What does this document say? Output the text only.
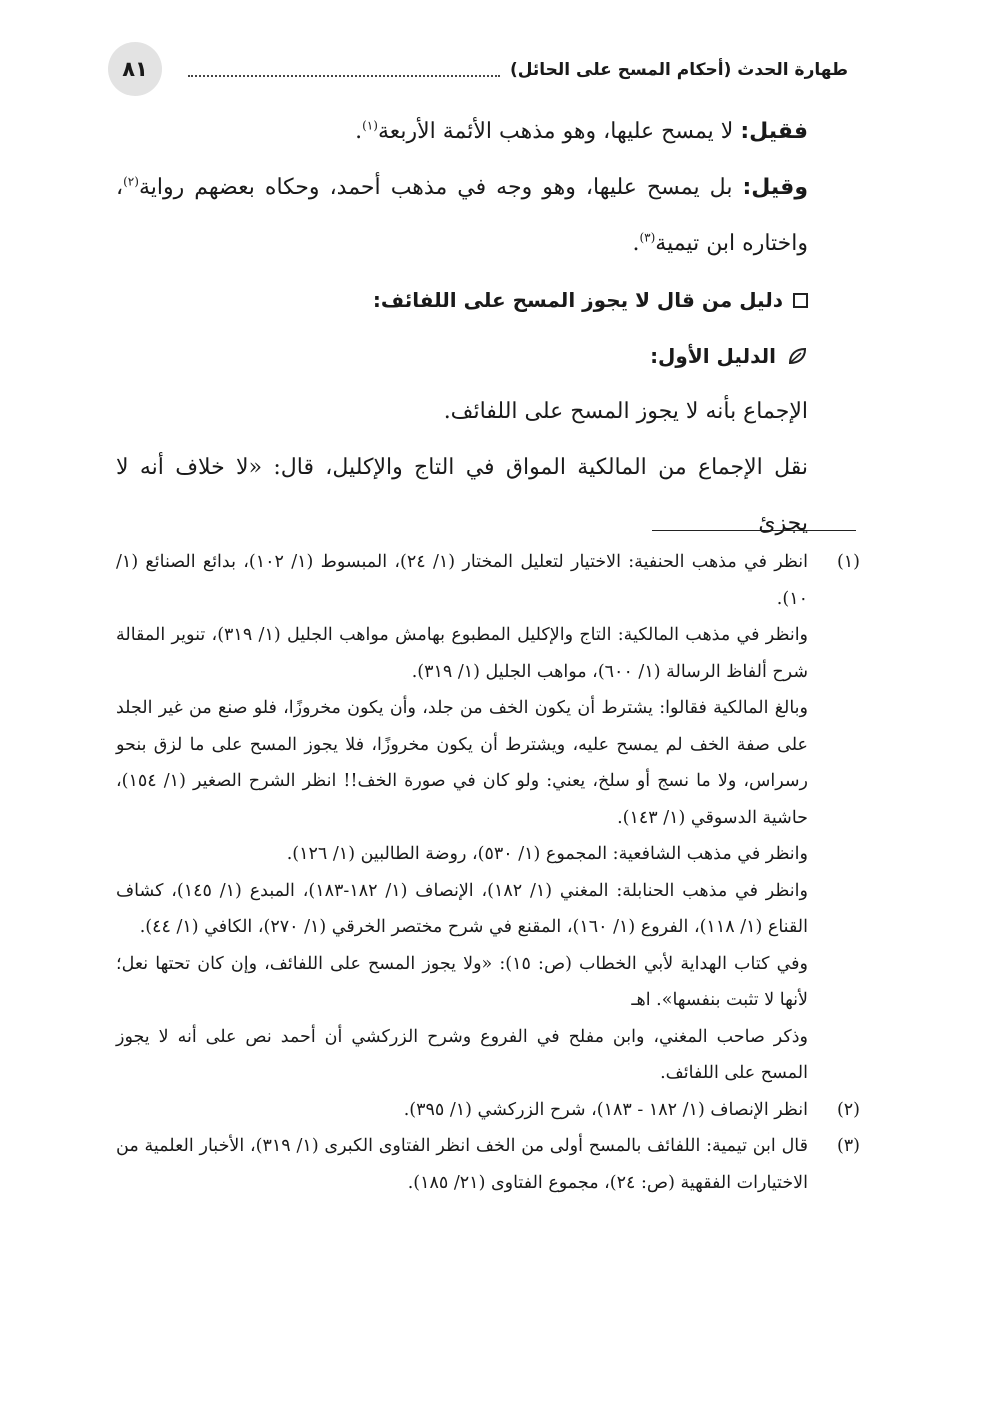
٨١	طهارة الحدث (أحكام المسح على الحائل)

فقيل: لا يمسح عليها، وهو مذهب الأئمة الأربعة$^{(١)}$.

وقيل: بل يمسح عليها، وهو وجه في مذهب أحمد، وحكاه بعضهم رواية$^{(٢)}$، واختاره ابن تيمية$^{(٣)}$.

دليل من قال لا يجوز المسح على اللفائف:
الدليل الأول:

الإجماع بأنه لا يجوز المسح على اللفائف.

نقل الإجماع من المالكية المواق في التاج والإكليل، قال: «لا خلاف أنه لا يجزئ

(١)

انظر في مذهب الحنفية: الاختيار لتعليل المختار (١/ ٢٤)، المبسوط (١/ ١٠٢)، بدائع الصنائع (١/ ١٠).

وانظر في مذهب المالكية: التاج والإكليل المطبوع بهامش مواهب الجليل (١/ ٣١٩)، تنوير المقالة شرح ألفاظ الرسالة (١/ ٦٠٠)، مواهب الجليل (١/ ٣١٩).

وبالغ المالكية فقالوا: يشترط أن يكون الخف من جلد، وأن يكون مخروزًا، فلو صنع من غير الجلد على صفة الخف لم يمسح عليه، ويشترط أن يكون مخروزًا، فلا يجوز المسح على ما لزق بنحو رسراس، ولا ما نسج أو سلخ، يعني: ولو كان في صورة الخف!! انظر الشرح الصغير (١/ ١٥٤)، حاشية الدسوقي (١/ ١٤٣).

وانظر في مذهب الشافعية: المجموع (١/ ٥٣٠)، روضة الطالبين (١/ ١٢٦).

وانظر في مذهب الحنابلة: المغني (١/ ١٨٢)، الإنصاف (١/ ١٨٢-١٨٣)، المبدع (١/ ١٤٥)، كشاف القناع (١/ ١١٨)، الفروع (١/ ١٦٠)، المقنع في شرح مختصر الخرقي (١/ ٢٧٠)، الكافي (١/ ٤٤).

وفي كتاب الهداية لأبي الخطاب (ص: ١٥): «ولا يجوز المسح على اللفائف، وإن كان تحتها نعل؛ لأنها لا تثبت بنفسها». اهـ

وذكر صاحب المغني، وابن مفلح في الفروع وشرح الزركشي أن أحمد نص على أنه لا يجوز المسح على اللفائف.

(٢)

انظر الإنصاف (١/ ١٨٢ - ١٨٣)، شرح الزركشي (١/ ٣٩٥).

(٣)

قال ابن تيمية: اللفائف بالمسح أولى من الخف انظر الفتاوى الكبرى (١/ ٣١٩)، الأخبار العلمية من الاختيارات الفقهية (ص: ٢٤)، مجموع الفتاوى (٢١/ ١٨٥).
